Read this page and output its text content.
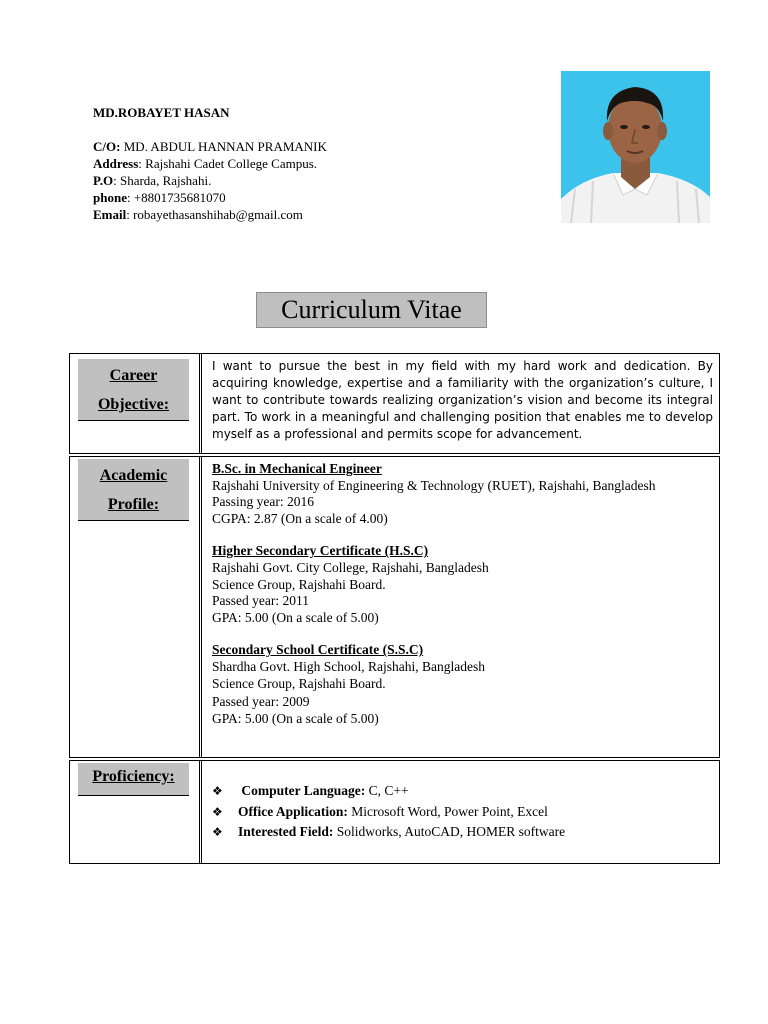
MD.ROBAYET HASAN
C/O: MD. ABDUL HANNAN PRAMANIK
Address: Rajshahi Cadet College Campus.
P.O: Sharda, Rajshahi.
phone: +8801735681070
Email: robayethasanshihab@gmail.com
Curriculum Vitae
Career
Objective:
I want to pursue the best in my field with my hard work and dedication. By acquiring knowledge, expertise and a familiarity with the organization’s culture, I want to contribute towards realizing organization’s vision and become its integral part. To work in a meaningful and challenging position that enables me to develop myself as a professional and permits scope for advancement.
Academic
Profile:
B.Sc. in Mechanical Engineer
Rajshahi University of Engineering & Technology (RUET), Rajshahi, Bangladesh
Passing year: 2016
CGPA: 2.87 (On a scale of 4.00)
Higher Secondary Certificate (H.S.C)
Rajshahi Govt. City College, Rajshahi, Bangladesh
Science Group, Rajshahi Board.
Passed year: 2011
GPA: 5.00 (On a scale of 5.00)
Secondary School Certificate (S.S.C)
Shardha Govt. High School, Rajshahi, Bangladesh
Science Group, Rajshahi Board.
Passed year: 2009
GPA: 5.00 (On a scale of 5.00)
Proficiency:
❖ Computer Language: C, C++
❖ Office Application: Microsoft Word, Power Point, Excel
❖ Interested Field: Solidworks, AutoCAD, HOMER software
